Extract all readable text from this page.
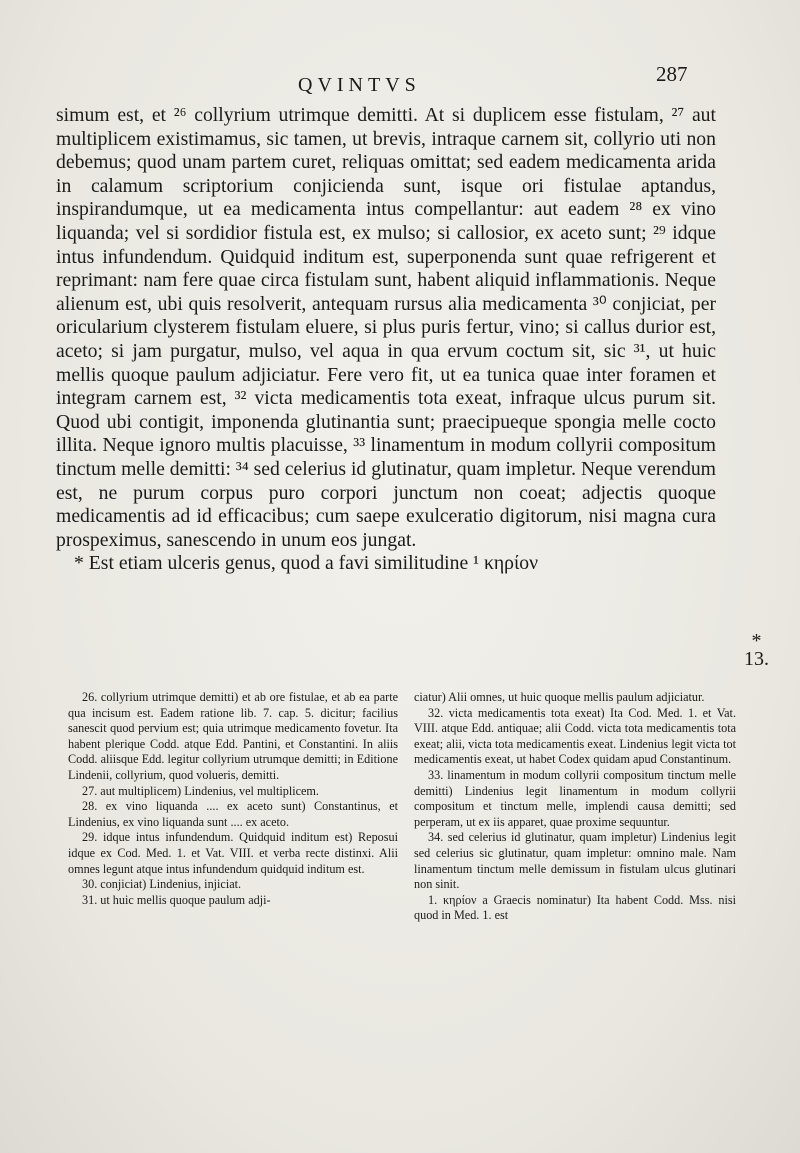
QVINTVS	287

simum est, et ²⁶ collyrium utrimque demitti. At si duplicem esse fistulam, ²⁷ aut multiplicem existimamus, sic tamen, ut brevis, intraque carnem sit, collyrio uti non debemus; quod unam partem curet, reliquas omittat; sed eadem medicamenta arida in calamum scriptorium conjicienda sunt, isque ori fistulae aptandus, inspirandumque, ut ea medicamenta intus compellantur: aut eadem ²⁸ ex vino liquanda; vel si sordidior fistula est, ex mulso; si callosior, ex aceto sunt; ²⁹ idque intus infundendum. Quidquid inditum est, superponenda sunt quae refrigerent et reprimant: nam fere quae circa fistulam sunt, habent aliquid inflammationis. Neque alienum est, ubi quis resolverit, antequam rursus alia medicamenta ³⁰ conjiciat, per oricularium clysterem fistulam eluere, si plus puris fertur, vino; si callus durior est, aceto; si jam purgatur, mulso, vel aqua in qua ervum coctum sit, sic ³¹, ut huic mellis quoque paulum adjiciatur. Fere vero fit, ut ea tunica quae inter foramen et integram carnem est, ³² victa medicamentis tota exeat, infraque ulcus purum sit. Quod ubi contigit, imponenda glutinantia sunt; praecipueque spongia melle cocto illita. Neque ignoro multis placuisse, ³³ linamentum in modum collyrii compositum tinctum melle demitti: ³⁴ sed celerius id glutinatur, quam impletur. Neque verendum est, ne purum corpus puro corpori junctum non coeat; adjectis quoque medicamentis ad id efficacibus; cum saepe exulceratio digitorum, nisi magna cura prospeximus, sanescendo in unum eos jungat.

* Est etiam ulceris genus, quod a favi similitudine ¹ κηρίον

*
13.

26. collyrium utrimque demitti) et ab ore fistulae, et ab ea parte qua incisum est. Eadem ratione lib. 7. cap. 5. dicitur; facilius sanescit quod pervium est; quia utrimque medicamento fovetur. Ita habent plerique Codd. atque Edd. Pantini, et Constantini. In aliis Codd. aliisque Edd. legitur collyrium utrumque demitti; in Editione Lindenii, collyrium, quod volueris, demitti.

27. aut multiplicem) Lindenius, vel multiplicem.

28. ex vino liquanda .... ex aceto sunt) Constantinus, et Lindenius, ex vino liquanda sunt .... ex aceto.

29. idque intus infundendum. Quidquid inditum est) Reposui idque ex Cod. Med. 1. et Vat. VIII. et verba recte distinxi. Alii omnes legunt atque intus infundendum quidquid inditum est.

30. conjiciat) Lindenius, injiciat.

31. ut huic mellis quoque paulum adji-

ciatur) Alii omnes, ut huic quoque mellis paulum adjiciatur.

32. victa medicamentis tota exeat) Ita Cod. Med. 1. et Vat. VIII. atque Edd. antiquae; alii Codd. victa tota medicamentis tota exeat; alii, victa tota medicamentis exeat. Lindenius legit victa tot medicamentis exeat, ut habet Codex quidam apud Constantinum.

33. linamentum in modum collyrii compositum tinctum melle demitti) Lindenius legit linamentum in modum collyrii compositum et tinctum melle, implendi causa demitti; sed perperam, ut ex iis apparet, quae proxime sequuntur.

34. sed celerius id glutinatur, quam impletur) Lindenius legit sed celerius sic glutinatur, quam impletur: omnino male. Nam linamentum tinctum melle demissum in fistulam ulcus glutinari non sinit.

1. κηρίον a Graecis nominatur) Ita habent Codd. Mss. nisi quod in Med. 1. est
